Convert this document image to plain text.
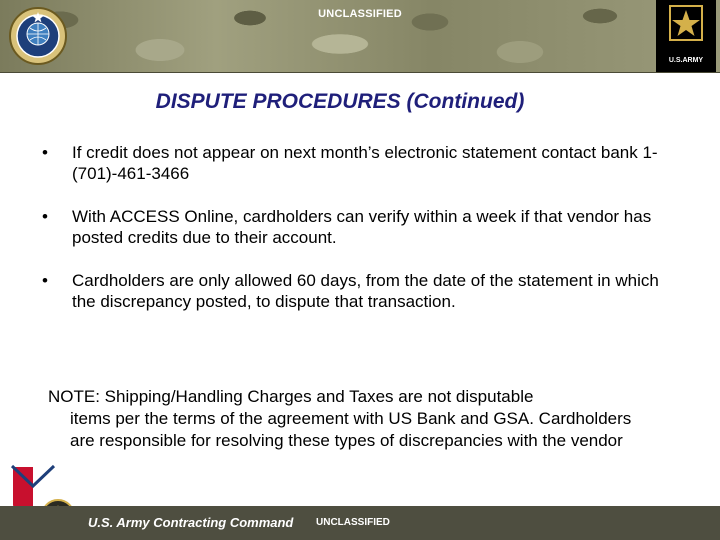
UNCLASSIFIED
U.S.ARMY
DISPUTE PROCEDURES (Continued)
• If credit does not appear on next month’s electronic statement contact bank 1-(701)-461-3466
• With ACCESS Online, cardholders can verify within a week if that vendor has posted credits due to their account.
• Cardholders are only allowed 60 days, from the date of the statement in which the discrepancy posted, to dispute that transaction.
NOTE: Shipping/Handling Charges and Taxes are not disputable
items per the terms of the agreement with US Bank and GSA. Cardholders are responsible for resolving these types of discrepancies with the vendor
U.S. Army Contracting Command UNCLASSIFIED
